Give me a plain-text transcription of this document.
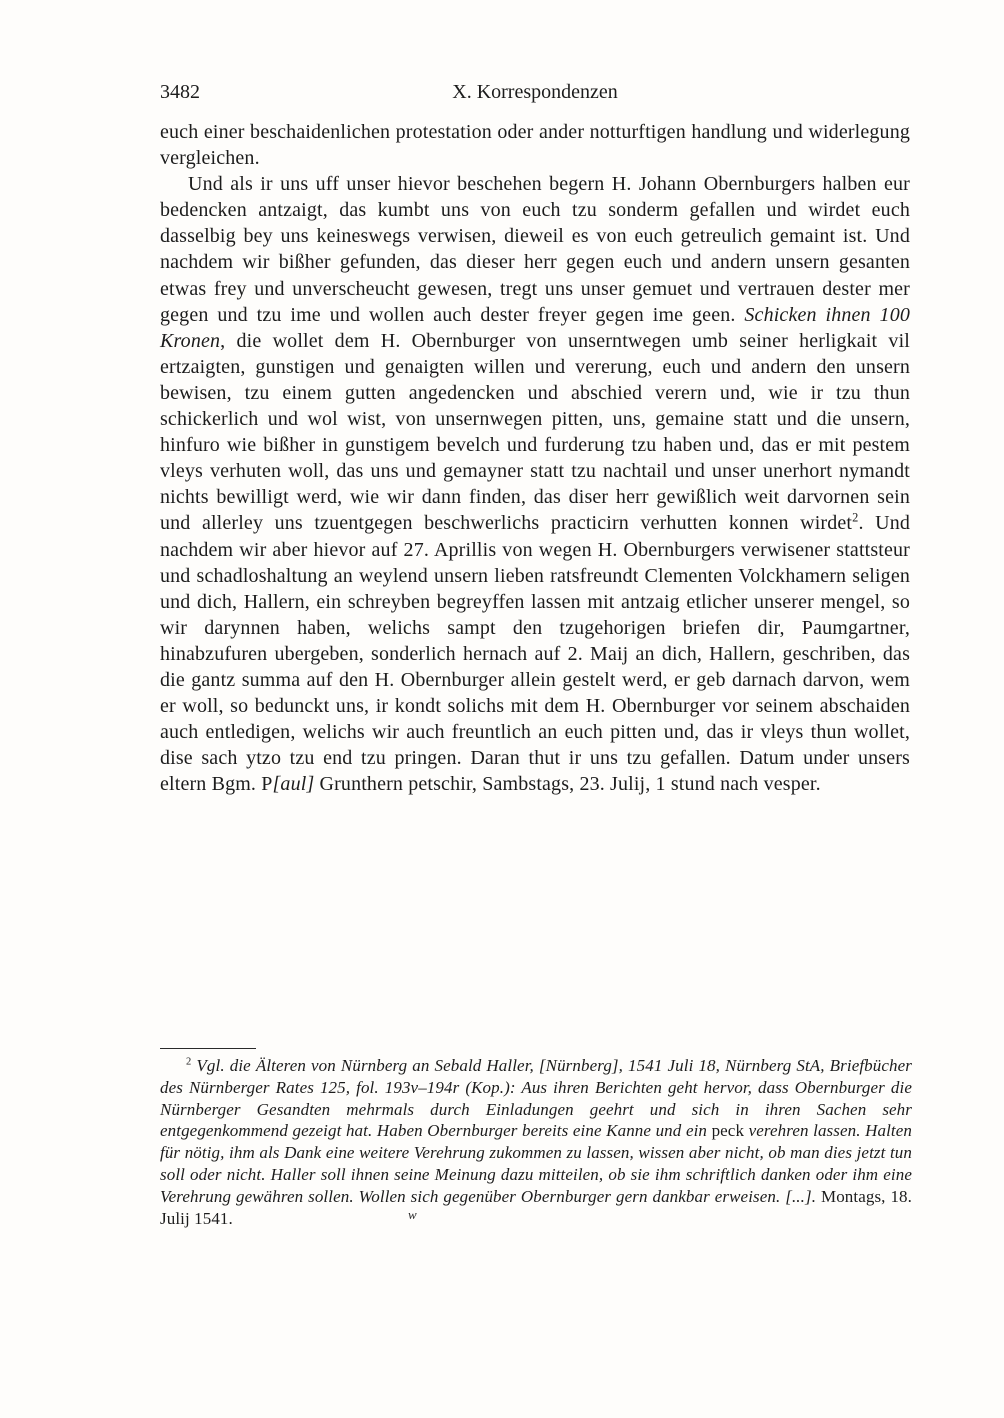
3482	X. Korrespondenzen

euch einer beschaidenlichen protestation oder ander notturftigen handlung und widerlegung vergleichen.

Und als ir uns uff unser hievor beschehen begern H. Johann Obernburgers halben eur bedencken antzaigt, das kumbt uns von euch tzu sonderm gefallen und wirdet euch dasselbig bey uns keineswegs verwisen, dieweil es von euch getreulich gemaint ist. Und nachdem wir bißher gefunden, das dieser herr gegen euch und andern unsern gesanten etwas frey und unverscheucht gewesen, tregt uns unser gemuet und vertrauen dester mer gegen und tzu ime und wollen auch dester freyer gegen ime geen. Schicken ihnen 100 Kronen, die wollet dem H. Obernburger von unserntwegen umb seiner herligkait vil ertzaigten, gunstigen und genaigten willen und vererung, euch und andern den unsern bewisen, tzu einem gutten angedencken und abschied verern und, wie ir tzu thun schickerlich und wol wist, von unsernwegen pitten, uns, gemaine statt und die unsern, hinfuro wie bißher in gunstigem bevelch und furderung tzu haben und, das er mit pestem vleys verhuten woll, das uns und gemayner statt tzu nachtail und unser unerhort nymandt nichts bewilligt werd, wie wir dann finden, das diser herr gewißlich weit darvornen sein und allerley uns tzuentgegen beschwerlichs practicirn verhutten konnen wirdet$^2$. Und nachdem wir aber hievor auf 27. Aprillis von wegen H. Obernburgers verwisener stattsteur und schadloshaltung an weylend unsern lieben ratsfreundt Clementen Volckhamern seligen und dich, Hallern, ein schreyben begreyffen lassen mit antzaig etlicher unserer mengel, so wir darynnen haben, welichs sampt den tzugehorigen briefen dir, Paumgartner, hinabzufuren ubergeben, sonderlich hernach auf 2. Maij an dich, Hallern, geschriben, das die gantz summa auf den H. Obernburger allein gestelt werd, er geb darnach darvon, wem er woll, so bedunckt uns, ir kondt solichs mit dem H. Obernburger vor seinem abschaiden auch entledigen, welichs wir auch freuntlich an euch pitten und, das ir vleys thun wollet, dise sach ytzo tzu end tzu pringen. Daran thut ir uns tzu gefallen. Datum under unsers eltern Bgm. P[aul] Grunthern petschir, Sambstags, 23. Julij, 1 stund nach vesper.

$^2$ Vgl. die Älteren von Nürnberg an Sebald Haller, [Nürnberg], 1541 Juli 18, Nürnberg StA, Briefbücher des Nürnberger Rates 125, fol. 193v–194r (Kop.): Aus ihren Berichten geht hervor, dass Obernburger die Nürnberger Gesandten mehrmals durch Einladungen geehrt und sich in ihren Sachen sehr entgegenkommend gezeigt hat. Haben Obernburger bereits eine Kanne und ein peck verehren lassen. Halten für nötig, ihm als Dank eine weitere Verehrung zukommen zu lassen, wissen aber nicht, ob man dies jetzt tun soll oder nicht. Haller soll ihnen seine Meinung dazu mitteilen, ob sie ihm schriftlich danken oder ihm eine Verehrung gewähren sollen. Wollen sich gegenüber Obernburger gern dankbar erweisen. [...]. Montags, 18. Julij 1541.	w
